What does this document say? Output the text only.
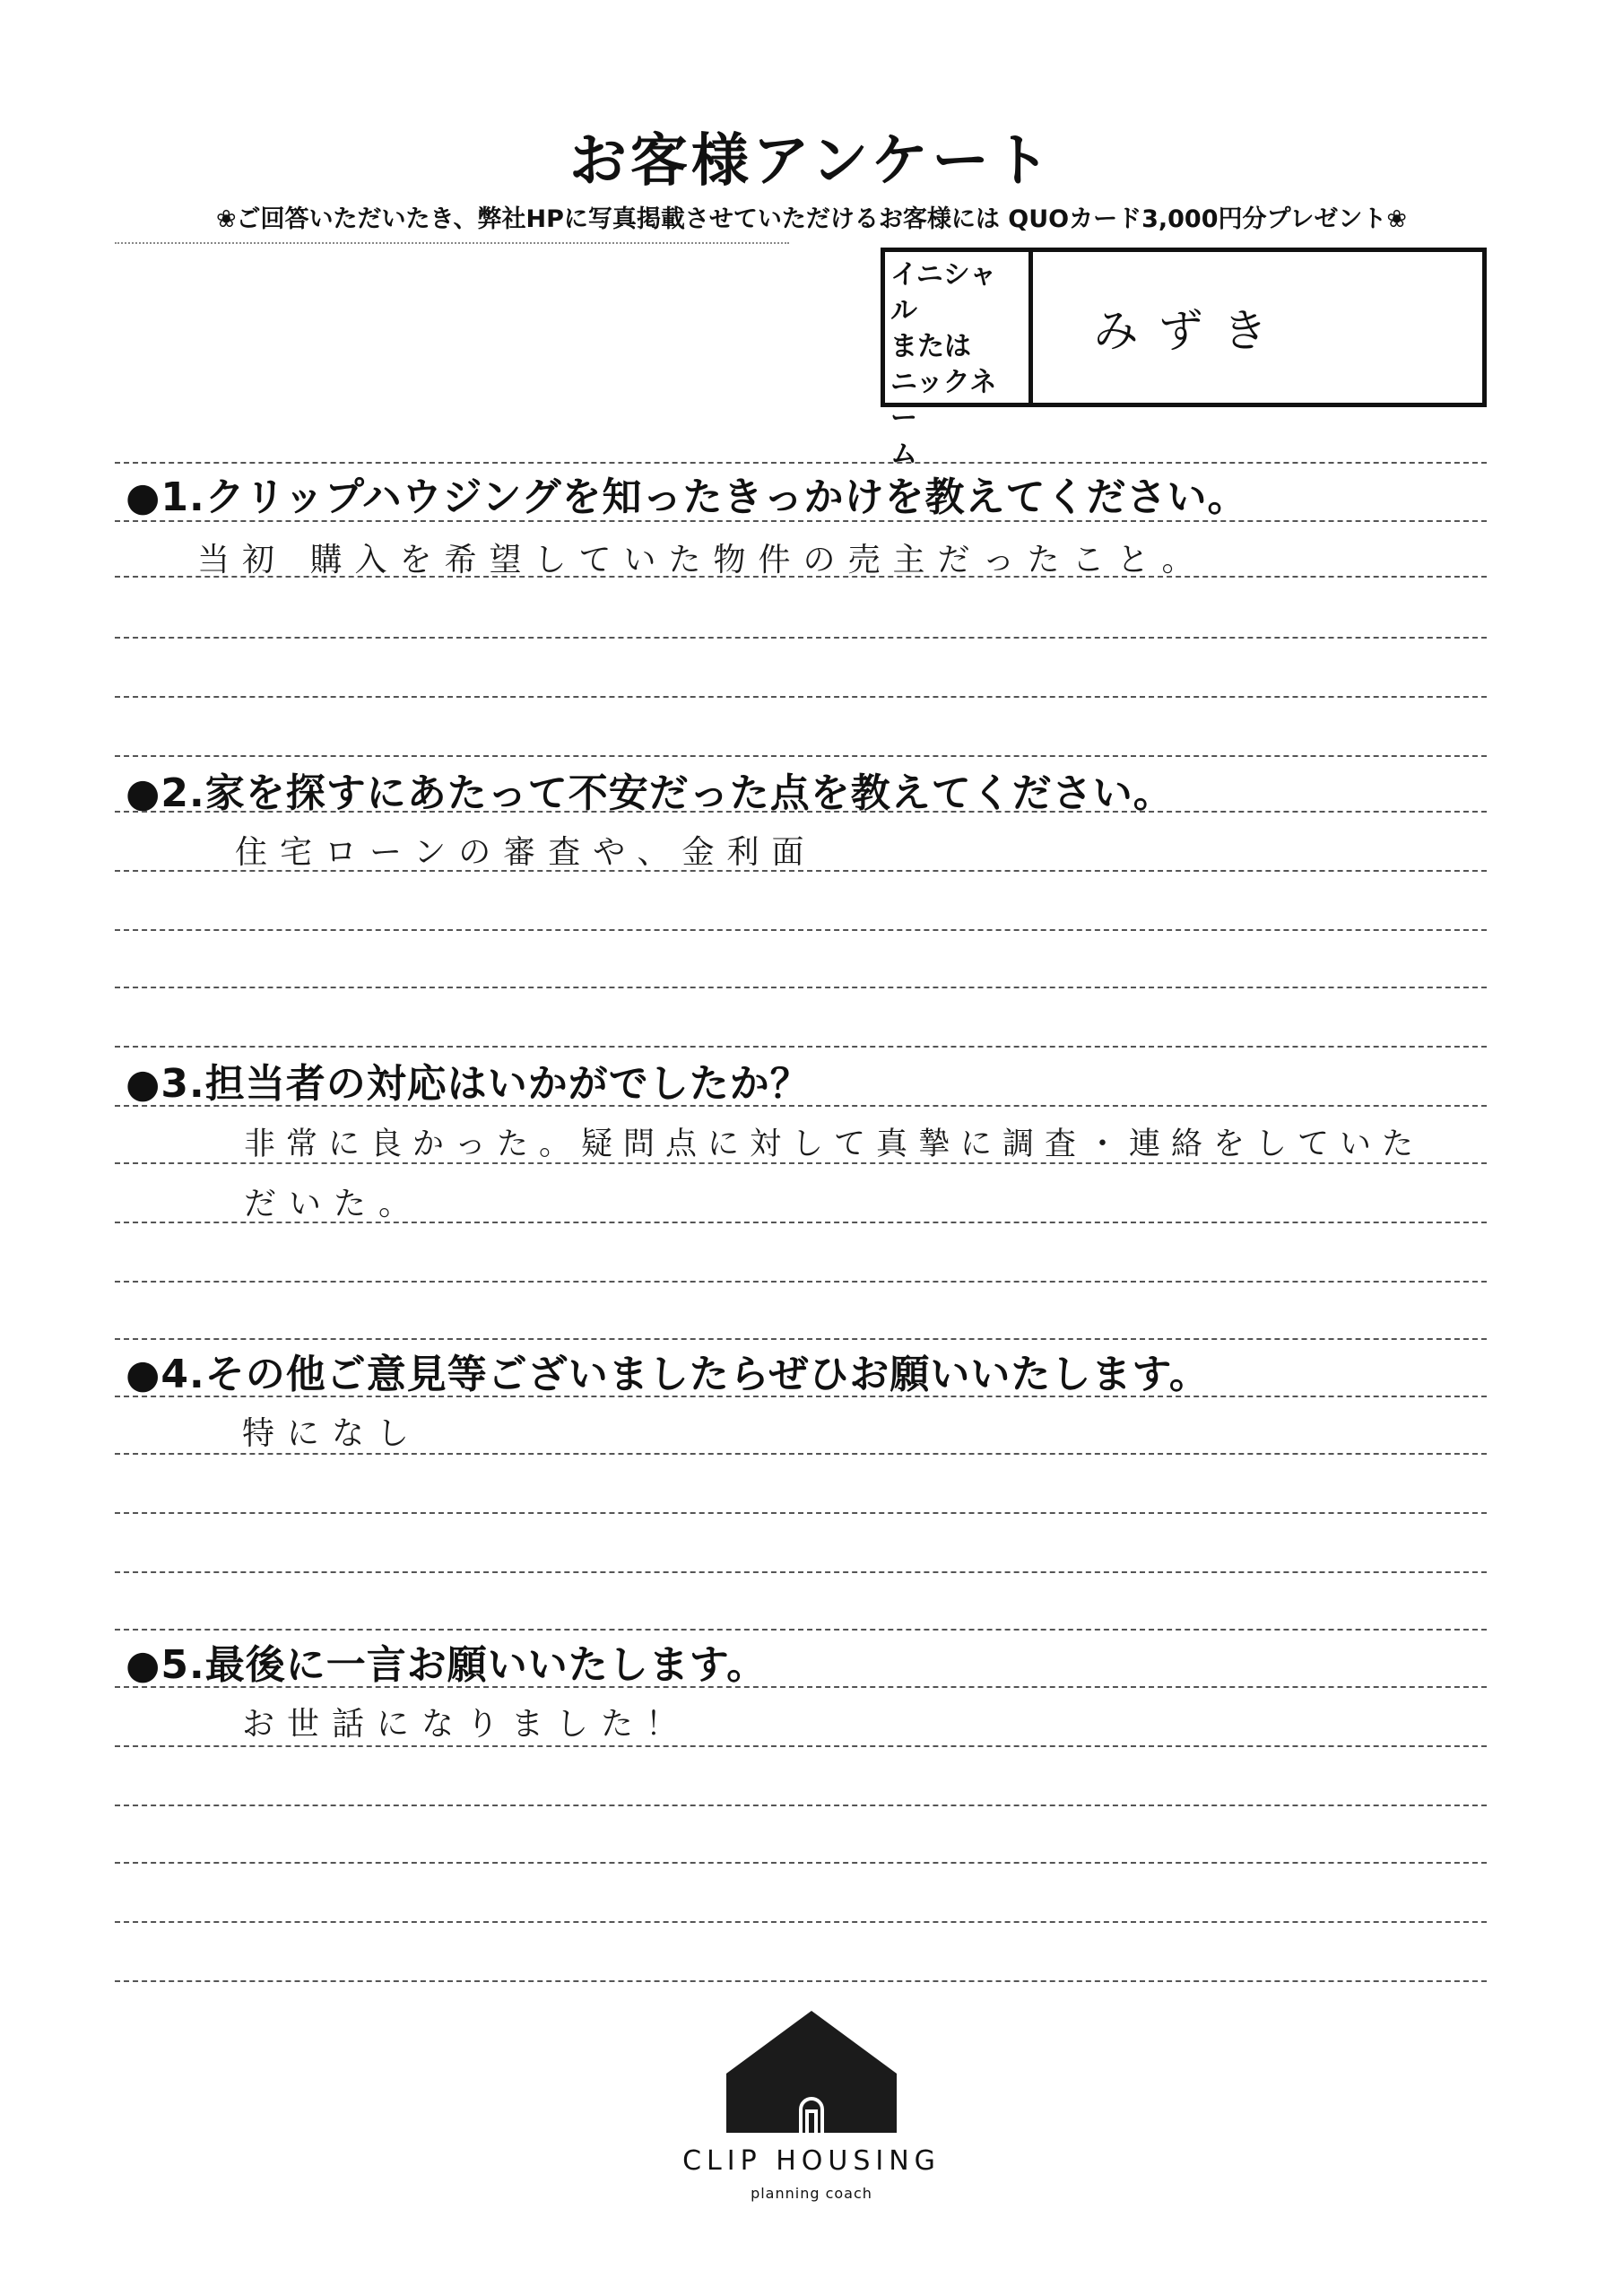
お客様アンケート
❀ご回答いただいたき、弊社HPに写真掲載させていただけるお客様には QUOカード3,000円分プレゼント❀
イニシャル
または
ニックネー
ム
みずき
●1.クリップハウジングを知ったきっかけを教えてください。
当初 購入を希望していた物件の売主だったこと。
●2.家を探すにあたって不安だった点を教えてください。
住宅ローンの審査や、金利面
●3.担当者の対応はいかがでしたか？
非常に良かった。疑問点に対して真摯に調査・連絡をしていた
だいた。
●4.その他ご意見等ございましたらぜひお願いいたします。
特になし
●5.最後に一言お願いいたします。
お世話になりました！
CLIP HOUSING
planning coach
